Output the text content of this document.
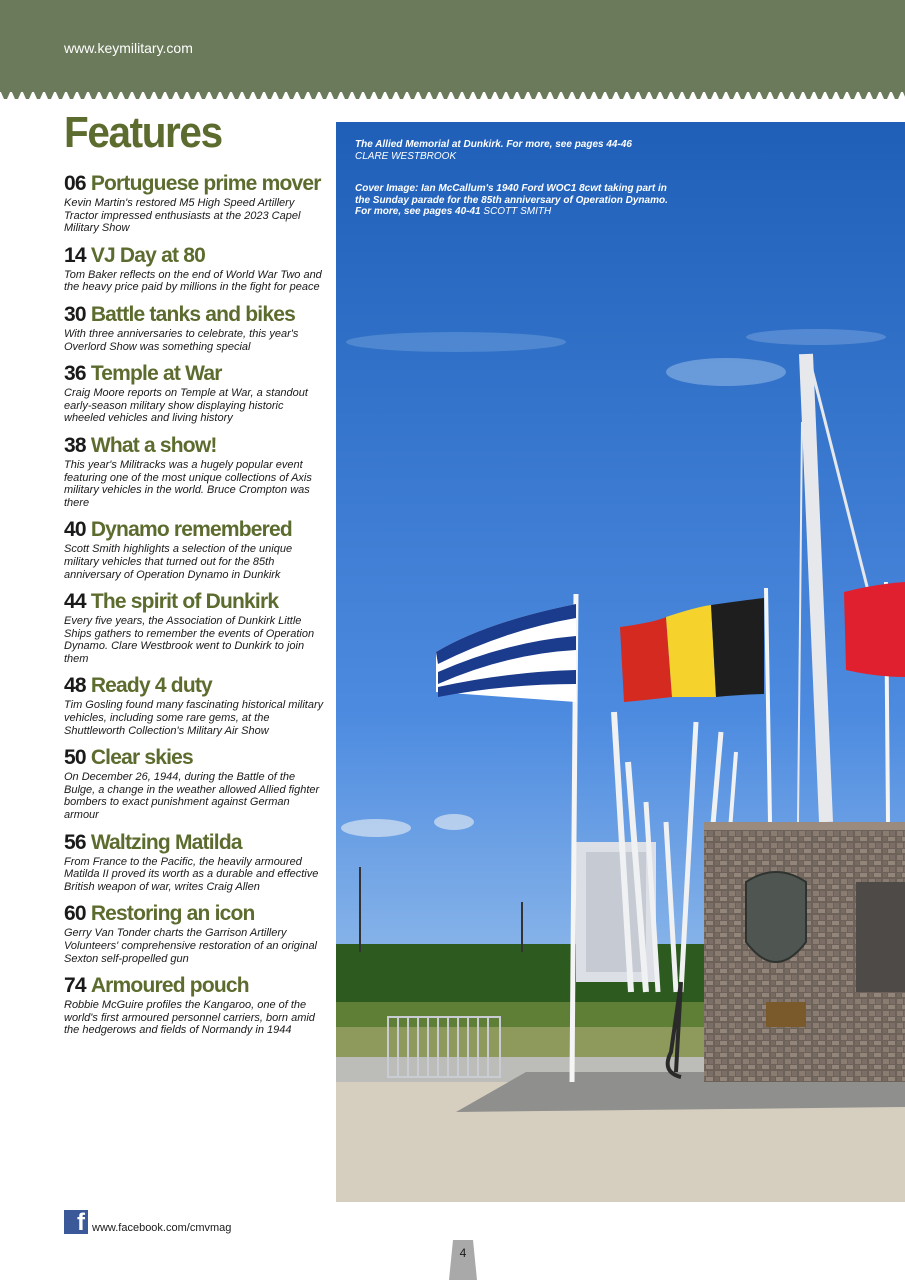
www.keymilitary.com
Features
06 Portuguese prime mover
Kevin Martin's restored M5 High Speed Artillery Tractor impressed enthusiasts at the 2023 Capel Military Show
14 VJ Day at 80
Tom Baker reflects on the end of World War Two and the heavy price paid by millions in the fight for peace
30 Battle tanks and bikes
With three anniversaries to celebrate, this year's Overlord Show was something special
36 Temple at War
Craig Moore reports on Temple at War, a standout early-season military show displaying historic wheeled vehicles and living history
38 What a show!
This year's Militracks was a hugely popular event featuring one of the most unique collections of Axis military vehicles in the world. Bruce Crompton was there
40 Dynamo remembered
Scott Smith highlights a selection of the unique military vehicles that turned out for the 85th anniversary of Operation Dynamo in Dunkirk
44 The spirit of Dunkirk
Every five years, the Association of Dunkirk Little Ships gathers to remember the events of Operation Dynamo. Clare Westbrook went to Dunkirk to join them
48 Ready 4 duty
Tim Gosling found many fascinating historical military vehicles, including some rare gems, at the Shuttleworth Collection's Military Air Show
50 Clear skies
On December 26, 1944, during the Battle of the Bulge, a change in the weather allowed Allied fighter bombers to exact punishment against German armour
56 Waltzing Matilda
From France to the Pacific, the heavily armoured Matilda II proved its worth as a durable and effective British weapon of war, writes Craig Allen
60 Restoring an icon
Gerry Van Tonder charts the Garrison Artillery Volunteers' comprehensive restoration of an original Sexton self-propelled gun
74 Armoured pouch
Robbie McGuire profiles the Kangaroo, one of the world's first armoured personnel carriers, born amid the hedgerows and fields of Normandy in 1944
f www.facebook.com/cmvmag
4
The Allied Memorial at Dunkirk. For more, see pages 44-46
CLARE WESTBROOK
Cover Image: Ian McCallum's 1940 Ford WOC1 8cwt taking part in the Sunday parade for the 85th anniversary of Operation Dynamo. For more, see pages 40-41 SCOTT SMITH
